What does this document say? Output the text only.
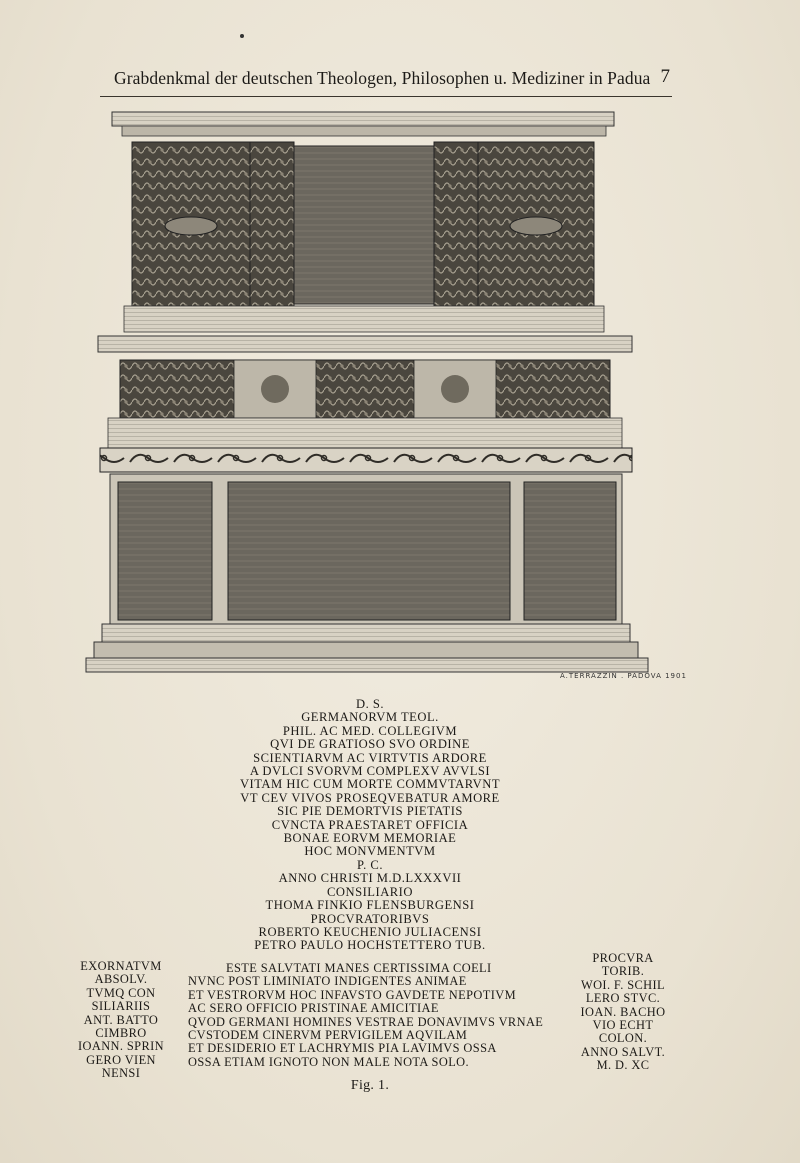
Grabdenkmal der deutschen Theologen, Philosophen u. Mediziner in Padua 7
A.TERRAZZIN . PADOVA 1901
D. S.
GERMANORVM TEOL.
PHIL. AC MED. COLLEGIVM
QVI DE GRATIOSO SVO ORDINE
SCIENTIARVM AC VIRTVTIS ARDORE
A DVLCI SVORVM COMPLEXV AVVLSI
VITAM HIC CUM MORTE COMMVTARVNT
VT CEV VIVOS PROSEQVEBATUR AMORE
SIC PIE DEMORTVIS PIETATIS
CVNCTA PRAESTARET OFFICIA
BONAE EORVM MEMORIAE
HOC MONVMENTVM
P. C.
ANNO CHRISTI M.D.LXXXVII
CONSILIARIO
THOMA FINKIO FLENSBURGENSI
PROCVRATORIBVS
ROBERTO KEUCHENIO JULIACENSI
PETRO PAULO HOCHSTETTERO TUB.
EXORNATVM
ABSOLV.
TVMQ CON
SILIARIIS
ANT. BATTO
CIMBRO
IOANN. SPRIN
GERO VIEN
NENSI
ESTE SALVTATI MANES CERTISSIMA COELI
NVNC POST LIMINIATO INDIGENTES ANIMAE
ET VESTRORVM HOC INFAVSTO GAVDETE NEPOTIVM
AC SERO OFFICIO PRISTINAE AMICITIAE
QVOD GERMANI HOMINES VESTRAE DONAVIMVS VRNAE
CVSTODEM CINERVM PERVIGILEM AQVILAM
ET DESIDERIO ET LACHRYMIS PIA LAVIMVS OSSA
OSSA ETIAM IGNOTO NON MALE NOTA SOLO.
PROCVRA
TORIB.
WOI. F. SCHIL
LERO STVC.
IOAN. BACHO
VIO ECHT
COLON.
ANNO SALVT.
M. D. XC
Fig. 1.
